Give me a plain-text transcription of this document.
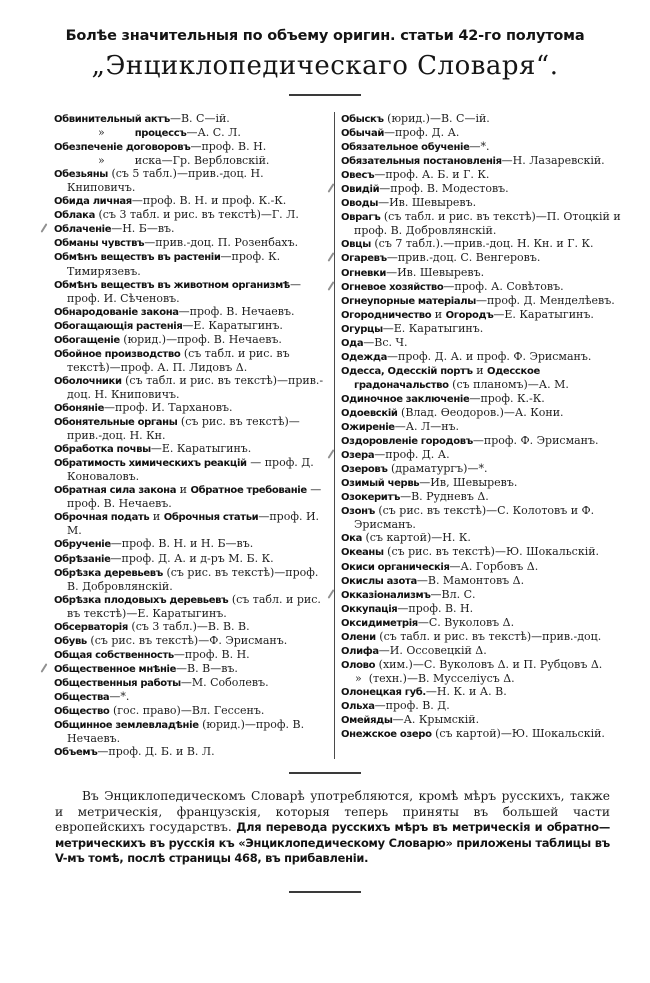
Болѣе значительныя по объему оригин. статьи 42-го полутома
„Энциклопедическаго Словаря“.
Обвинительный актъ—В. С—ій.
»	процессъ—А. С. Л.
Обезпеченіе договоровъ—проф. В. Н.
»	иска—Гр. Вербловскій.
Обезьяны (съ 5 табл.)—прив.-доц. Н. Книповичъ.
Обида личная—проф. В. Н. и проф. К.-К.
Облака (съ 3 табл. и рис. въ текстѣ)—Г. Л.
Облаченіе—Н. Б—въ.
Обманы чувствъ—прив.-доц. П. Розенбахъ.
Обмѣнъ веществъ въ растеніи—проф. К. Тимирязевъ.
Обмѣнъ веществъ въ животном организмѣ—проф. И. Сѣченовъ.
Обнародованіе закона—проф. В. Нечаевъ.
Обогащающія растенія—Е. Каратыгинъ.
Обогащеніе (юрид.)—проф. В. Нечаевъ.
Обойное производство (съ табл. и рис. въ текстѣ)—проф. А. П. Лидовъ Δ.
Оболочники (съ табл. и рис. въ текстѣ)—прив.-доц. Н. Книповичъ.
Обоняніе—проф. И. Тархановъ.
Обонятельные органы (съ рис. въ текстѣ)—прив.-доц. Н. Кн.
Обработка почвы—Е. Каратыгинъ.
Обратимость химическихъ реакцій — проф. Д. Коноваловъ.
Обратная сила закона и Обратное требованіе — проф. В. Нечаевъ.
Оброчная подать и Оброчныя статьи—проф. И. М.
Обрученіе—проф. В. Н. и Н. Б—въ.
Обрѣзаніе—проф. Д. А. и д-ръ М. Б. К.
Обрѣзка деревьевъ (съ рис. въ текстѣ)—проф. В. Добровлянскій.
Обрѣзка плодовыхъ деревьевъ (съ табл. и рис. въ текстѣ)—Е. Каратыгинъ.
Обсерваторія (съ 3 табл.)—В. В. В.
Обувь (съ рис. въ текстѣ)—Ф. Эрисманъ.
Общая собственность—проф. В. Н.
Общественное мнѣніе—В. В—въ.
Общественныя работы—М. Соболевъ.
Общества—*.
Общество (гос. право)—Вл. Гессенъ.
Общинное землевладѣніе (юрид.)—проф. В. Нечаевъ.
Объемъ—проф. Д. Б. и В. Л.
Обыскъ (юрид.)—В. С—ій.
Обычай—проф. Д. А.
Обязательное обученіе—*.
Обязательныя постановленія—Н. Лазаревскій.
Овесъ—проф. А. Б. и Г. К.
Овидій—проф. В. Модестовъ.
Оводы—Ив. Шевыревъ.
Оврагъ (съ табл. и рис. въ текстѣ)—П. Отоцкій и проф. В. Добровлянскій.
Овцы (съ 7 табл.).—прив.-доц. Н. Кн. и Г. К.
Огаревъ—прив.-доц. С. Венгеровъ.
Огневки—Ив. Шевыревъ.
Огневое хозяйство—проф. А. Совѣтовъ.
Огнеупорные матеріалы—проф. Д. Менделѣевъ.
Огородничество и Огородъ—Е. Каратыгинъ.
Огурцы—Е. Каратыгинъ.
Ода—Вс. Ч.
Одежда—проф. Д. А. и проф. Ф. Эрисманъ.
Одесса, Одесскій портъ и Одесское градоначальство (съ планомъ)—А. М.
Одиночное заключеніе—проф. К.-К.
Одоевскій (Влад. Ѳеодоров.)—А. Кони.
Ожиреніе—А. Л—нъ.
Оздоровленіе городовъ—проф. Ф. Эрисманъ.
Озера—проф. Д. А.
Озеровъ (драматургъ)—*.
Озимый червь—Ив, Шевыревъ.
Озокеритъ—В. Рудневъ Δ.
Озонъ (съ рис. въ текстѣ)—С. Колотовъ и Ф. Эрисманъ.
Ока (съ картой)—Н. К.
Океаны (съ рис. въ текстѣ)—Ю. Шокальскій.
Окиси органическія—А. Горбовъ Δ.
Окислы азота—В. Мамонтовъ Δ.
Окказіонализмъ—Вл. С.
Оккупація—проф. В. Н.
Оксидиметрія—С. Вуколовъ Δ.
Олени (съ табл. и рис. въ текстѣ)—прив.-доц.
Олифа—И. Оссовецкій Δ.
Олово (хим.)—С. Вуколовъ Δ. и П. Рубцовъ Δ.
» (техн.)—В. Мусселіусъ Δ.
Олонецкая губ.—Н. К. и А. В.
Ольха—проф. В. Д.
Омейяды—А. Крымскій.
Онежское озеро (съ картой)—Ю. Шокальскій.

Въ Энциклопедическомъ Словарѣ употребляются, кромѣ мѣръ русскихъ, также и метрическія, французскія, которыя теперь приняты въ большей части европейскихъ государствъ. Для перевода русскихъ мѣръ въ метрическія и обратно—метрическихъ въ русскія къ «Энциклопедическому Словарю» приложены таблицы въ V-мъ томѣ, послѣ страницы 468, въ прибавленіи.
